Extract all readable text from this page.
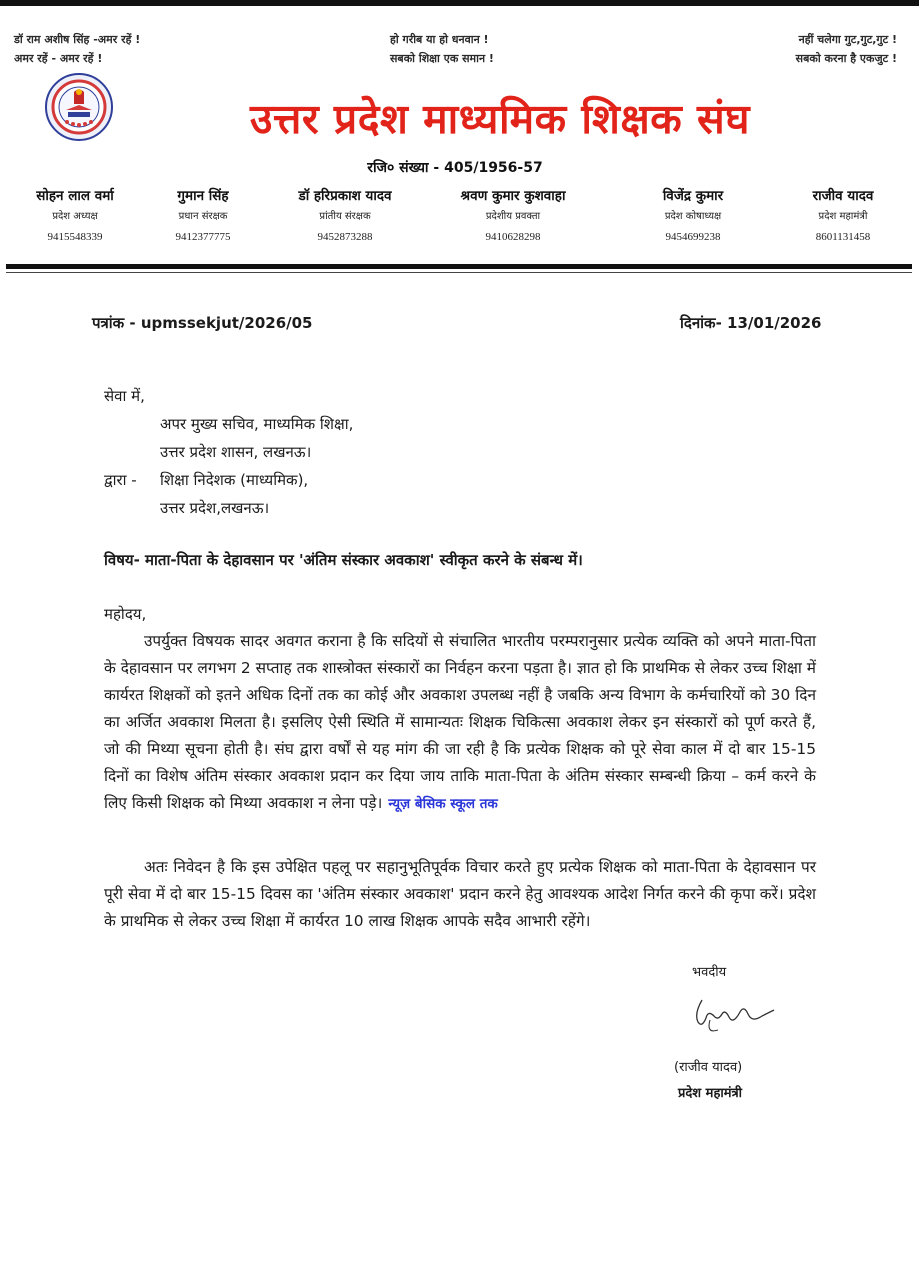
डॉ राम अशीष सिंह -अमर रहें !
अमर रहें - अमर रहें !
हो गरीब या हो धनवान !
सबको शिक्षा एक समान !
नहीं चलेगा गुट,गुट,गुट !
सबको करना है एकजुट !
उत्तर प्रदेश माध्यमिक शिक्षक संघ
रजि० संख्या - 405/1956-57
सोहन लाल वर्मा
प्रदेश अध्यक्ष
9415548339
गुमान सिंह
प्रधान संरक्षक
9412377775
डॉ हरिप्रकाश यादव
प्रांतीय संरक्षक
9452873288
श्रवण कुमार कुशवाहा
प्रदेशीय प्रवक्ता
9410628298
विजेंद्र कुमार
प्रदेश कोषाध्यक्ष
9454699238
राजीव यादव
प्रदेश महामंत्री
8601131458
पत्रांक - upmssekjut/2026/05	दिनांक- 13/01/2026
सेवा में,
अपर मुख्य सचिव, माध्यमिक शिक्षा,
उत्तर प्रदेश शासन, लखनऊ।
द्वारा - शिक्षा निदेशक (माध्यमिक),
उत्तर प्रदेश,लखनऊ।
विषय- माता-पिता के देहावसान पर 'अंतिम संस्कार अवकाश' स्वीकृत करने के संबन्ध में।
महोदय,
उपर्युक्त विषयक सादर अवगत कराना है कि सदियों से संचालित भारतीय परम्परानुसार प्रत्येक व्यक्ति को अपने माता-पिता के देहावसान पर लगभग 2 सप्ताह तक शास्त्रोक्त संस्कारों का निर्वहन करना पड़ता है। ज्ञात हो कि प्राथमिक से लेकर उच्च शिक्षा में कार्यरत शिक्षकों को इतने अधिक दिनों तक का कोई और अवकाश उपलब्ध नहीं है जबकि अन्य विभाग के कर्मचारियों को 30 दिन का अर्जित अवकाश मिलता है। इसलिए ऐसी स्थिति में सामान्यतः शिक्षक चिकित्सा अवकाश लेकर इन संस्कारों को पूर्ण करते हैं, जो की मिथ्या सूचना होती है। संघ द्वारा वर्षों से यह मांग की जा रही है कि प्रत्येक शिक्षक को पूरे सेवा काल में दो बार 15-15 दिनों का विशेष अंतिम संस्कार अवकाश प्रदान कर दिया जाय ताकि माता-पिता के अंतिम संस्कार सम्बन्धी क्रिया – कर्म करने के लिए किसी शिक्षक को मिथ्या अवकाश न लेना पड़े। न्यूज़ बेसिक स्कूल तक
अतः निवेदन है कि इस उपेक्षित पहलू पर सहानुभूतिपूर्वक विचार करते हुए प्रत्येक शिक्षक को माता-पिता के देहावसान पर पूरी सेवा में दो बार 15-15 दिवस का 'अंतिम संस्कार अवकाश' प्रदान करने हेतु आवश्यक आदेश निर्गत करने की कृपा करें। प्रदेश के प्राथमिक से लेकर उच्च शिक्षा में कार्यरत 10 लाख शिक्षक आपके सदैव आभारी रहेंगे।
भवदीय
(राजीव यादव)
प्रदेश महामंत्री
